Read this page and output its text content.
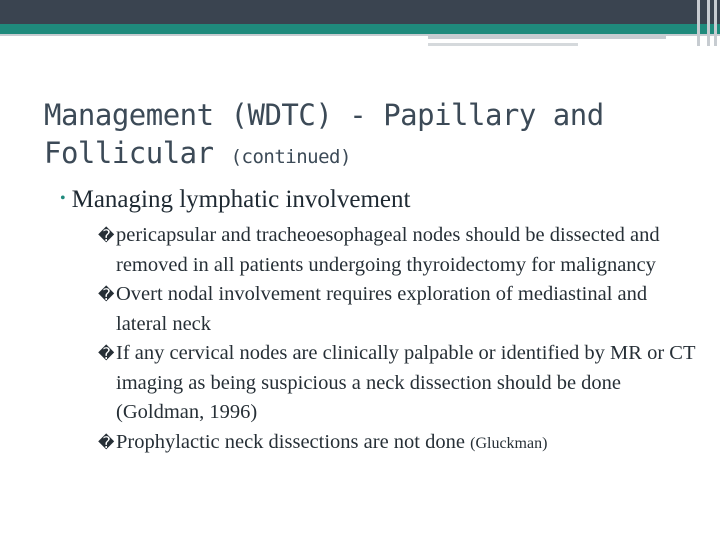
Management (WDTC) - Papillary and Follicular (continued)
• Managing lymphatic involvement

�pericapsular and tracheoesophageal nodes should be dissected and removed in all patients undergoing thyroidectomy for malignancy

�Overt nodal involvement requires exploration of mediastinal and lateral neck

�If any cervical nodes are clinically palpable or identified by MR or CT imaging as being suspicious a neck dissection should be done (Goldman, 1996)

�Prophylactic neck dissections are not done (Gluckman)
